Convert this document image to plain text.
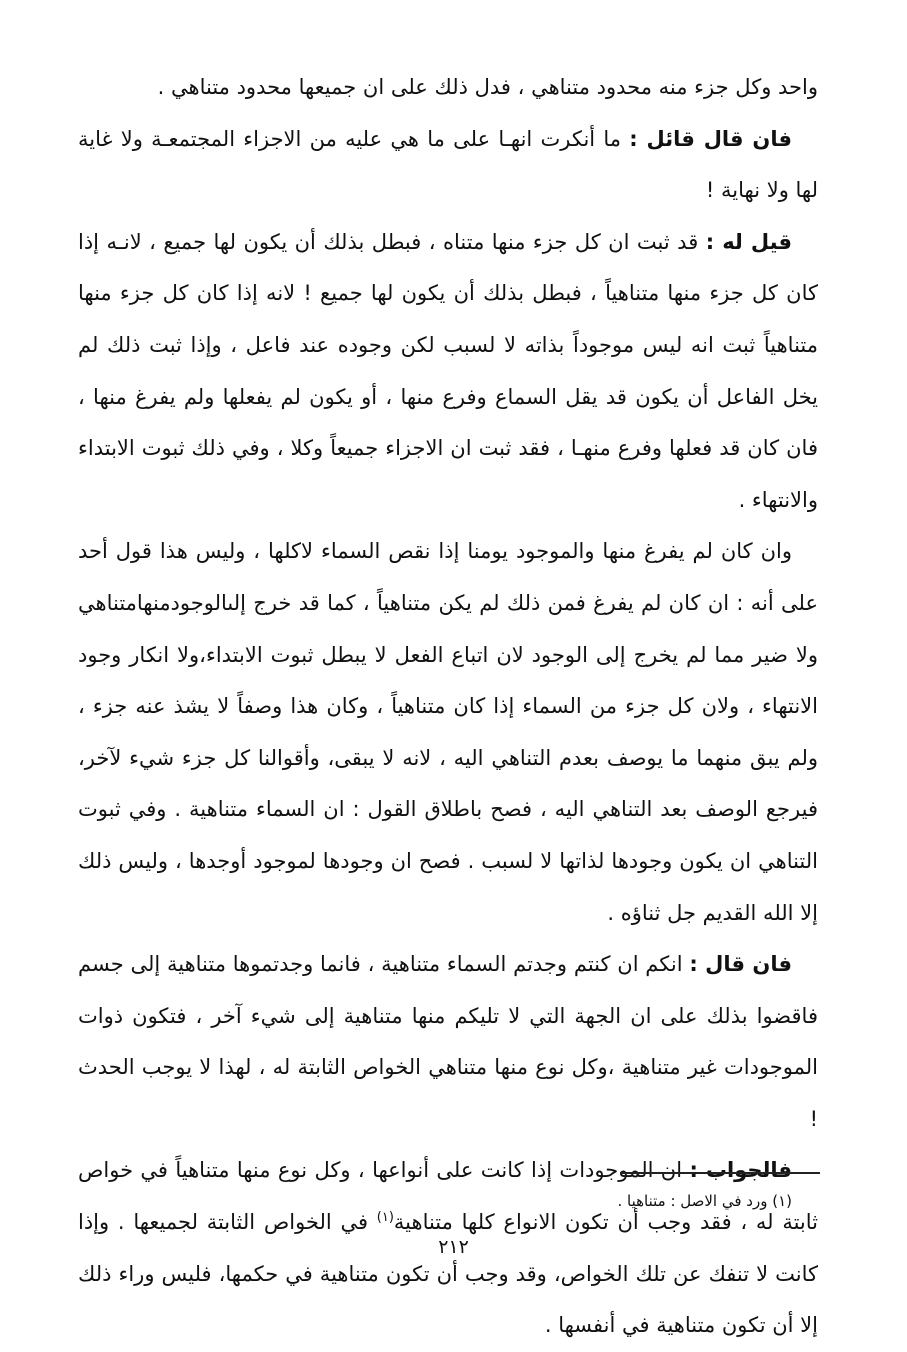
واحد وكل جزء منه محدود متناهي ، فدل ذلك على ان جميعها محدود متناهي .

فان قال قائل : ما أنكرت انهـا على ما هي عليه من الاجزاء المجتمعـة ولا غاية لها ولا نهاية !

قيل له : قد ثبت ان كل جزء منها متناه ، فبطل بذلك أن يكون لها جميع ، لانـه إذا كان كل جزء منها متناهياً ، فبطل بذلك أن يكون لها جميع ! لانه إذا كان كل جزء منها متناهياً ثبت انه ليس موجوداً بذاته لا لسبب لكن وجوده عند فاعل ، وإذا ثبت ذلك لم يخل الفاعل أن يكون قد يقل السماع وفرع منها ، أو يكون لم يفعلها ولم يفرغ منها ، فان كان قد فعلها وفرع منهـا ، فقد ثبت ان الاجزاء جميعاً وكلا ، وفي ذلك ثبوت الابتداء والانتهاء .

وان كان لم يفرغ منها والموجود يومنا إذا نقص السماء لاكلها ، وليس هذا قول أحد على أنه : ان كان لم يفرغ فمن ذلك لم يكن متناهياً ، كما قد خرج إلىالوجودمنهامتناهي ولا ضير مما لم يخرج إلى الوجود لان اتباع الفعل لا يبطل ثبوت الابتداء،ولا انكار وجود الانتهاء ، ولان كل جزء من السماء إذا كان متناهياً ، وكان هذا وصفاً لا يشذ عنه جزء ، ولم يبق منهما ما يوصف بعدم التناهي اليه ، لانه لا يبقى، وأقوالنا كل جزء شيء لآخر، فيرجع الوصف بعد التناهي اليه ، فصح باطلاق القول : ان السماء متناهية . وفي ثبوت التناهي ان يكون وجودها لذاتها لا لسبب . فصح ان وجودها لموجود أوجدها ، وليس ذلك إلا الله القديم جل ثناؤه .

فان قال : انكم ان كنتم وجدتم السماء متناهية ، فانما وجدتموها متناهية إلى جسم فاقضوا بذلك على ان الجهة التي لا تليكم منها متناهية إلى شيء آخر ، فتكون ذوات الموجودات غير متناهية ،وكل نوع منها متناهي الخواص الثابتة له ، لهذا لا يوجب الحدث !

فالجواب : ان الموجودات إذا كانت على أنواعها ، وكل نوع منها متناهياً في خواص ثابتة له ، فقد وجب أن تكون الانواع كلها متناهية$^{(١)}$ في الخواص الثابتة لجميعها . وإذا كانت لا تنفك عن تلك الخواص، وقد وجب أن تكون متناهية في حكمها، فليس وراء ذلك إلا أن تكون متناهية في أنفسها .

(١) ورد في الاصل : متناهيا .
٢١٢
